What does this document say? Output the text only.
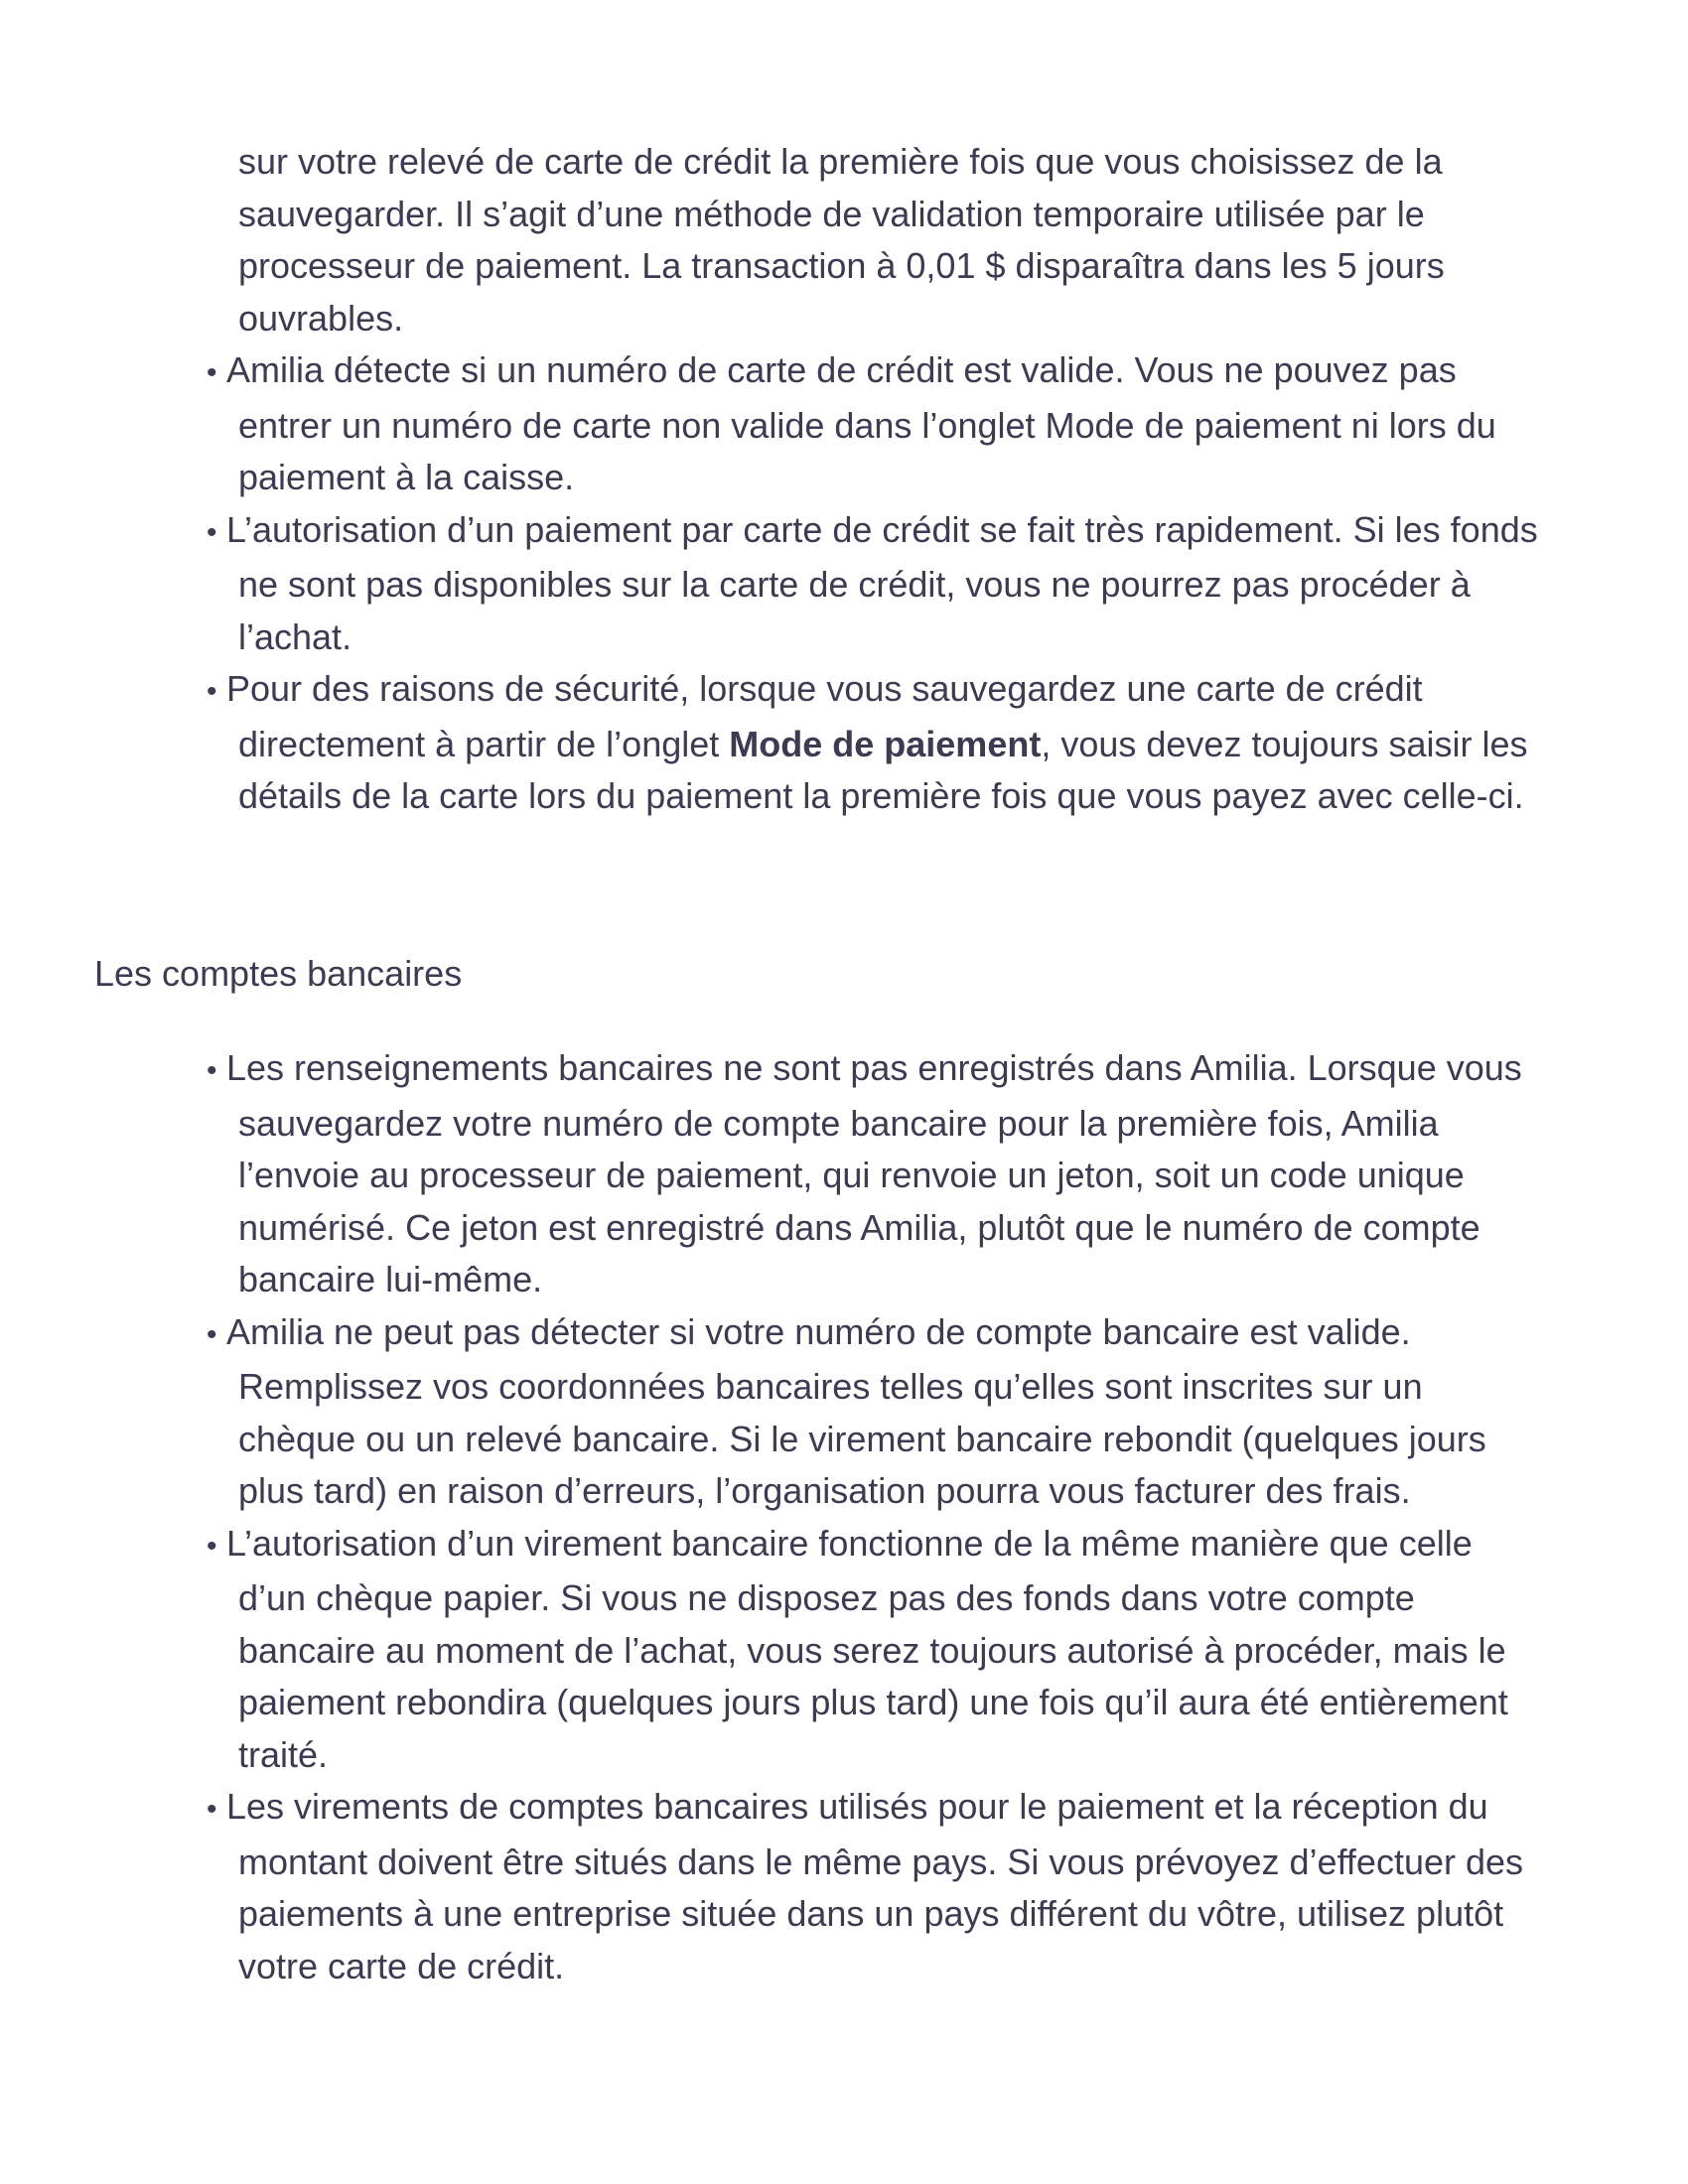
sur votre relevé de carte de crédit la première fois que vous choisissez de la sauvegarder. Il s’agit d’une méthode de validation temporaire utilisée par le processeur de paiement. La transaction à 0,01 $ disparaîtra dans les 5 jours ouvrables.

• Amilia détecte si un numéro de carte de crédit est valide. Vous ne pouvez pas entrer un numéro de carte non valide dans l’onglet Mode de paiement ni lors du paiement à la caisse.

• L’autorisation d’un paiement par carte de crédit se fait très rapidement. Si les fonds ne sont pas disponibles sur la carte de crédit, vous ne pourrez pas procéder à l’achat.

• Pour des raisons de sécurité, lorsque vous sauvegardez une carte de crédit directement à partir de l’onglet Mode de paiement, vous devez toujours saisir les détails de la carte lors du paiement la première fois que vous payez avec celle-ci.

Les comptes bancaires

• Les renseignements bancaires ne sont pas enregistrés dans Amilia. Lorsque vous sauvegardez votre numéro de compte bancaire pour la première fois, Amilia l’envoie au processeur de paiement, qui renvoie un jeton, soit un code unique numérisé. Ce jeton est enregistré dans Amilia, plutôt que le numéro de compte bancaire lui-même.

• Amilia ne peut pas détecter si votre numéro de compte bancaire est valide. Remplissez vos coordonnées bancaires telles qu’elles sont inscrites sur un chèque ou un relevé bancaire. Si le virement bancaire rebondit (quelques jours plus tard) en raison d’erreurs, l’organisation pourra vous facturer des frais.

• L’autorisation d’un virement bancaire fonctionne de la même manière que celle d’un chèque papier. Si vous ne disposez pas des fonds dans votre compte bancaire au moment de l’achat, vous serez toujours autorisé à procéder, mais le paiement rebondira (quelques jours plus tard) une fois qu’il aura été entièrement traité.

• Les virements de comptes bancaires utilisés pour le paiement et la réception du montant doivent être situés dans le même pays. Si vous prévoyez d’effectuer des paiements à une entreprise située dans un pays différent du vôtre, utilisez plutôt votre carte de crédit.
